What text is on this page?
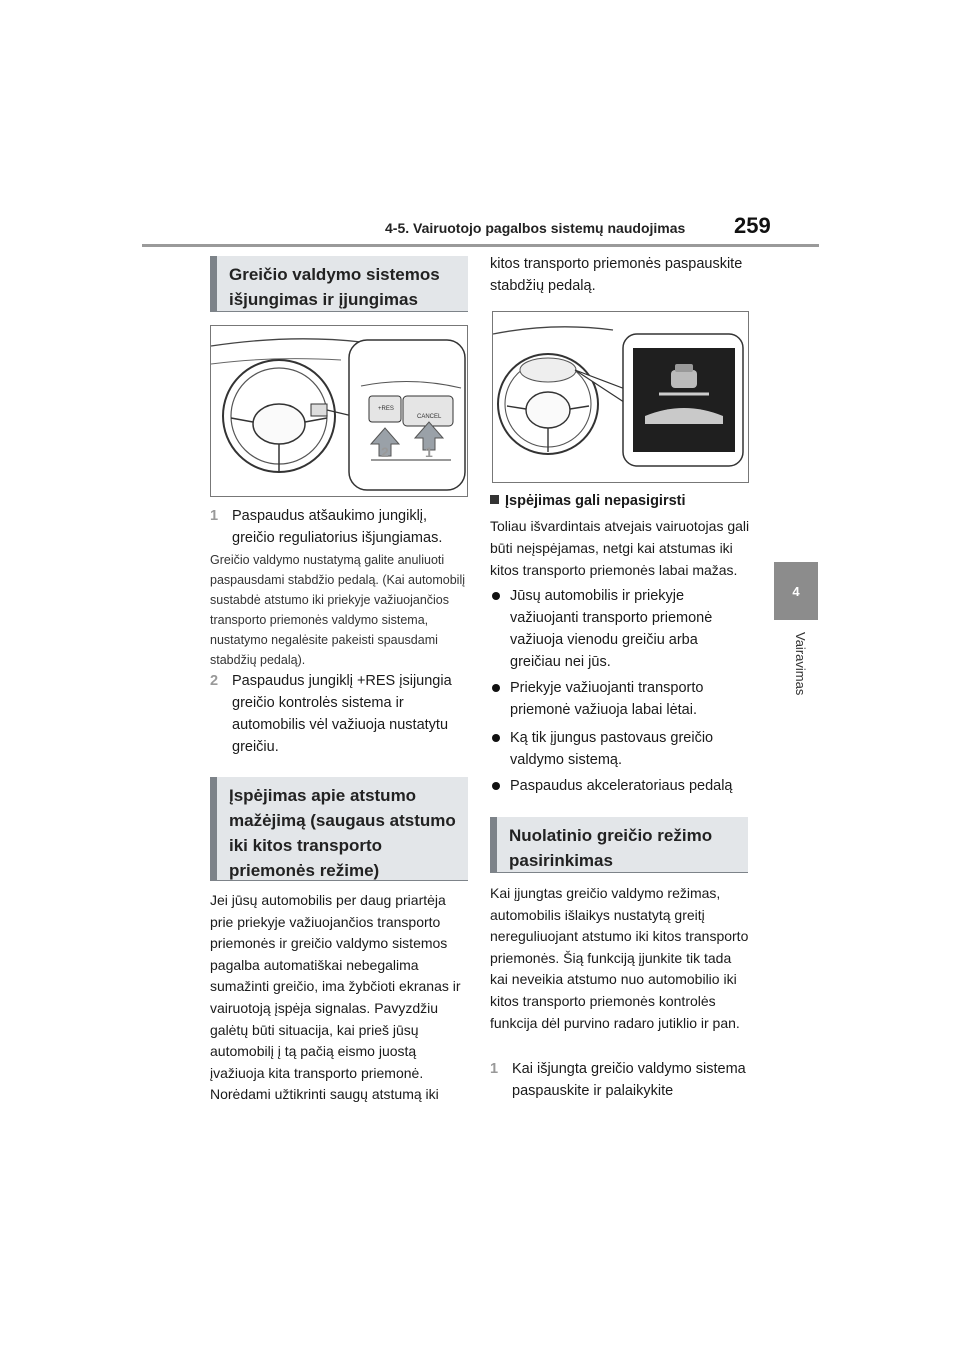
4-5. Vairuotojo pagalbos sistemų naudojimas 259
4
Vairavimas
Greičio valdymo sistemos išjungimas ir įjungimas
+RES
CANCEL
2	1
1 Paspaudus atšaukimo jungiklį, greičio reguliatorius išjungiamas.
Greičio valdymo nustatymą galite anuliuoti paspausdami stabdžio pedalą. (Kai automobilį sustabdė atstumo iki priekyje važiuojančios transporto priemonės valdymo sistema, nustatymo negalėsite pakeisti spausdami stabdžių pedalą).
2 Paspaudus jungiklį +RES įsijungia greičio kontrolės sistema ir automobilis vėl važiuoja nustatytu greičiu.
Įspėjimas apie atstumo mažėjimą (saugaus atstumo iki kitos transporto priemonės režime)
Jei jūsų automobilis per daug priartėja prie priekyje važiuojančios transporto priemonės ir greičio valdymo sistemos pagalba automatiškai nebegalima sumažinti greičio, ima žybčioti ekranas ir vairuotoją įspėja signalas. Pavyzdžiu galėtų būti situacija, kai prieš jūsų automobilį į tą pačią eismo juostą įvažiuoja kita transporto priemonė. Norėdami užtikrinti saugų atstumą iki
kitos transporto priemonės paspauskite stabdžių pedalą.
Įspėjimas gali nepasigirsti
Toliau išvardintais atvejais vairuotojas gali būti neįspėjamas, netgi kai atstumas iki kitos transporto priemonės labai mažas.
Jūsų automobilis ir priekyje važiuojanti transporto priemonė važiuoja vienodu greičiu arba greičiau nei jūs.
Priekyje važiuojanti transporto priemonė važiuoja labai lėtai.
Ką tik įjungus pastovaus greičio valdymo sistemą.
Paspaudus akceleratoriaus pedalą
Nuolatinio greičio režimo pasirinkimas
Kai įjungtas greičio valdymo režimas, automobilis išlaikys nustatytą greitį nereguliuojant atstumo iki kitos transporto priemonės. Šią funkciją įjunkite tik tada kai neveikia atstumo nuo automobilio iki kitos transporto priemonės kontrolės funkcija dėl purvino radaro jutiklio ir pan.
1 Kai išjungta greičio valdymo sistema paspauskite ir palaikykite
